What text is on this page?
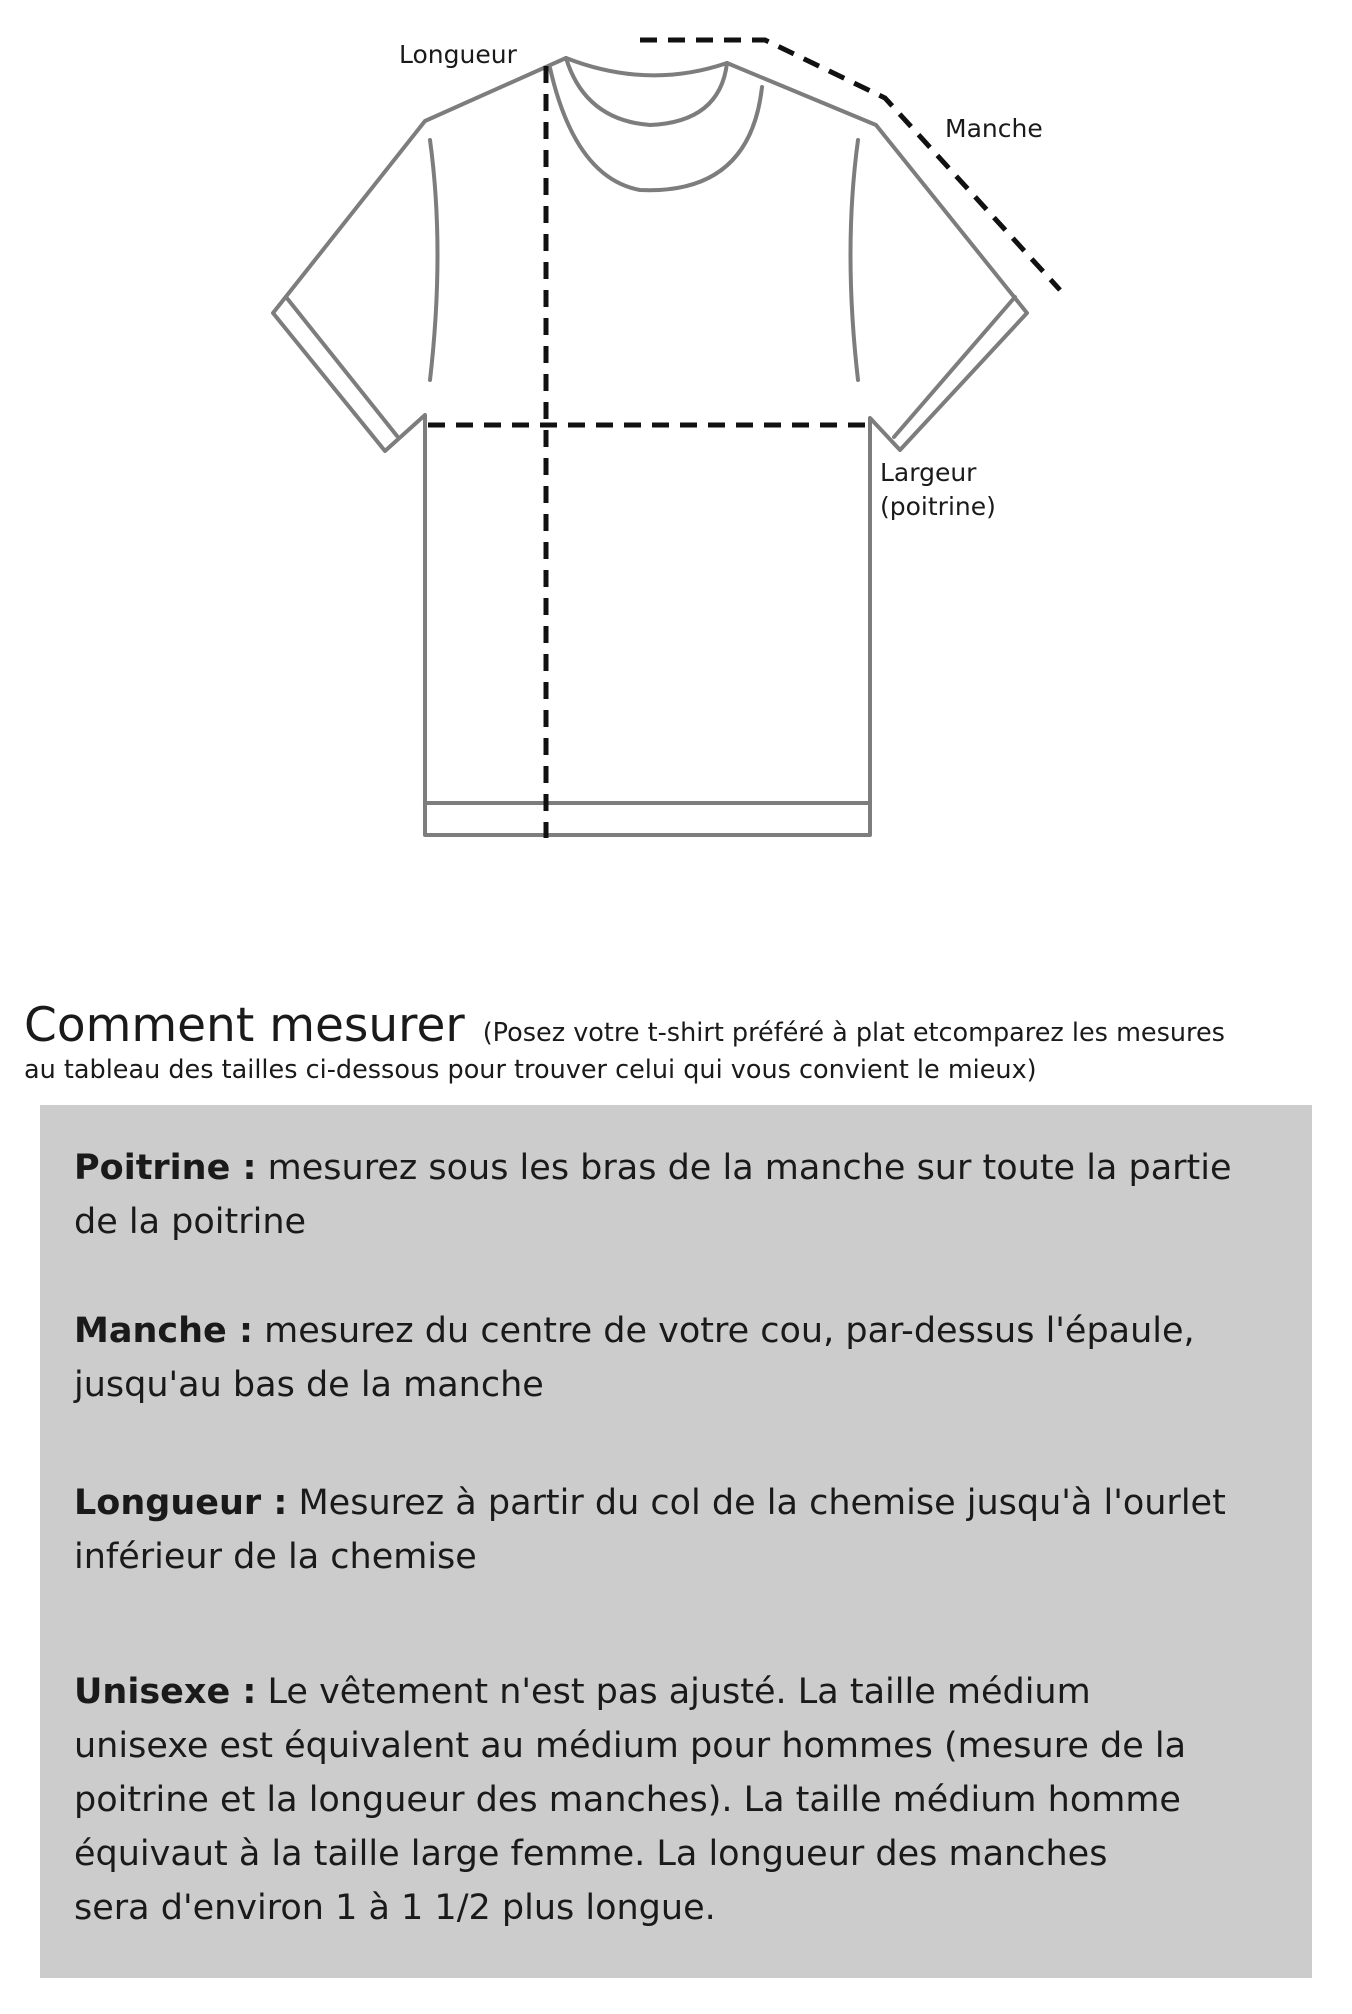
Longueur
Manche
Largeur
(poitrine)
Comment mesurer (Posez votre t-shirt préféré à plat etcomparez les mesures
au tableau des tailles ci-dessous pour trouver celui qui vous convient le mieux)
Poitrine : mesurez sous les bras de la manche sur toute la partie
de la poitrine
Manche : mesurez du centre de votre cou, par-dessus l'épaule,
jusqu'au bas de la manche
Longueur : Mesurez à partir du col de la chemise jusqu'à l'ourlet
inférieur de la chemise
Unisexe : Le vêtement n'est pas ajusté. La taille médium
unisexe est équivalent au médium pour hommes (mesure de la
poitrine et la longueur des manches). La taille médium homme
équivaut à la taille large femme. La longueur des manches
sera d'environ 1 à 1 1/2 plus longue.
